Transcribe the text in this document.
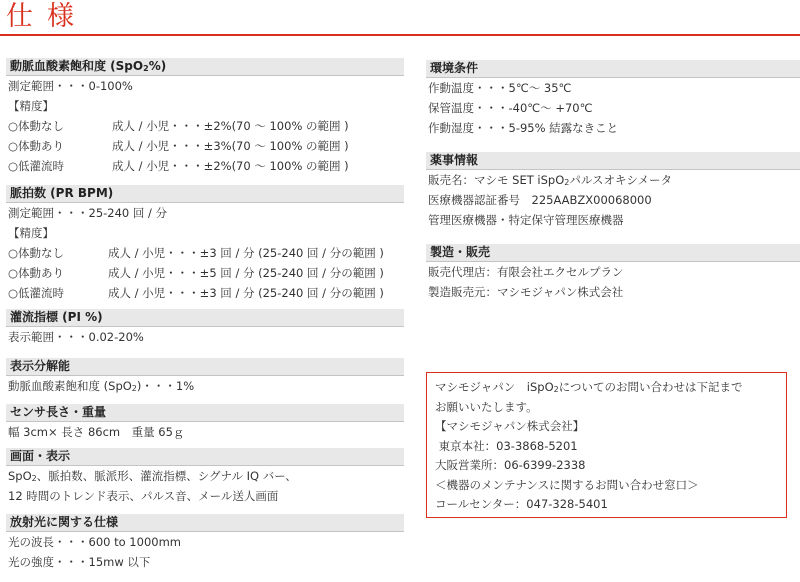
仕様
動脈血酸素飽和度 (SpO$_2$%)
測定範囲・・・0-100%
【精度】
○体動なし	成人 / 小児・・・±2%(70 〜 100% の範囲 )
○体動あり	成人 / 小児・・・±3%(70 〜 100% の範囲 )
○低灌流時	成人 / 小児・・・±2%(70 〜 100% の範囲 )
脈拍数 (PR BPM)
測定範囲・・・25-240 回 / 分
【精度】
○体動なし	成人 / 小児・・・±3 回 / 分 (25-240 回 / 分の範囲 )
○体動あり	成人 / 小児・・・±5 回 / 分 (25-240 回 / 分の範囲 )
○低灌流時	成人 / 小児・・・±3 回 / 分 (25-240 回 / 分の範囲 )
灌流指標 (PI %)
表示範囲・・・0.02-20%
表示分解能
動脈血酸素飽和度 (SpO$_2$)・・・1%
センサ長さ・重量
幅 3cm× 長さ 86cm　重量 65ｇ
画面・表示
SpO$_2$、脈拍数、脈派形、灌流指標、シグナル IQ バー、
12 時間のトレンド表示、パルス音、メール送人画面
放射光に関する仕様
光の波長・・・600 to 1000mm
光の強度・・・15mw 以下
環境条件
作動温度・・・5℃〜 35℃
保管温度・・・-40℃〜 +70℃
作動湿度・・・5-95% 結露なきこと
薬事情報
販売名：マシモ SET iSpO$_2$パルスオキシメータ
医療機器認証番号　225AABZX00068000
管理医療機器・特定保守管理医療機器
製造・販売
販売代理店：有限会社エクセルプラン
製造販売元：マシモジャパン株式会社
マシモジャパン　iSpO$_2$についてのお問い合わせは下記まで
お願いいたします。
【マシモジャパン株式会社】
東京本社：03-3868-5201
大阪営業所：06-6399-2338
＜機器のメンテナンスに関するお問い合わせ窓口＞
コールセンター：047-328-5401
